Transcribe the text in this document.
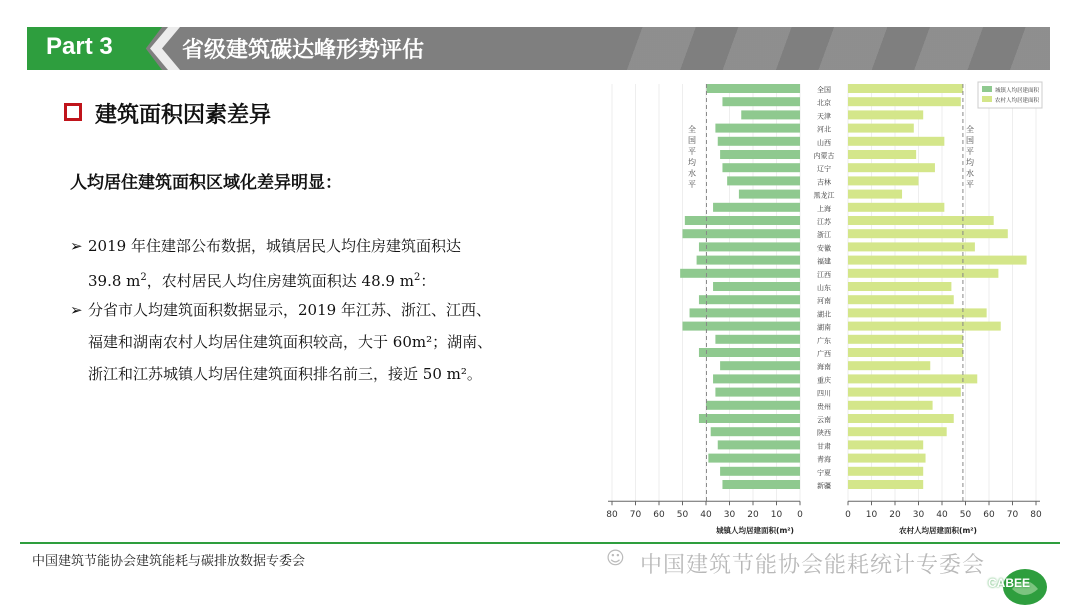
Part 3	省级建筑碳达峰形势评估
建筑面积因素差异
人均居住建筑面积区域化差异明显：
➢ 2019 年住建部公布数据，城镇居民人均住房建筑面积达
39.8 $m^2$，农村居民人均住房建筑面积达 48.9 $m^2$：
➢ 分省市人均建筑面积数据显示，2019 年江苏、浙江、江西、
福建和湖南农村人均居住建筑面积较高，大于 60m²；湖南、
浙江和江苏城镇人均居住建筑面积排名前三，接近 50 m²。
全国
北京
天津
河北
山西
内蒙古
辽宁
吉林
黑龙江
上海
江苏
浙江
安徽
福建
江西
山东
河南
湖北
湖南
广东
广西
海南
重庆
四川
贵州
云南
陕西
甘肃
青海
宁夏
新疆
全	全
国	国
平	平
均	均
水	水
平	平
80	80
70	70
60	60
50	50
40	40
30	30
20	20
10	10
0	0
城镇人均居建面积(m²)	农村人均居建面积(m²)
城镇人均居建面积
农村人均居建面积
中国建筑节能协会建筑能耗与碳排放数据专委会	☺ 中国建筑节能协会能耗统计专委会
CABEE
